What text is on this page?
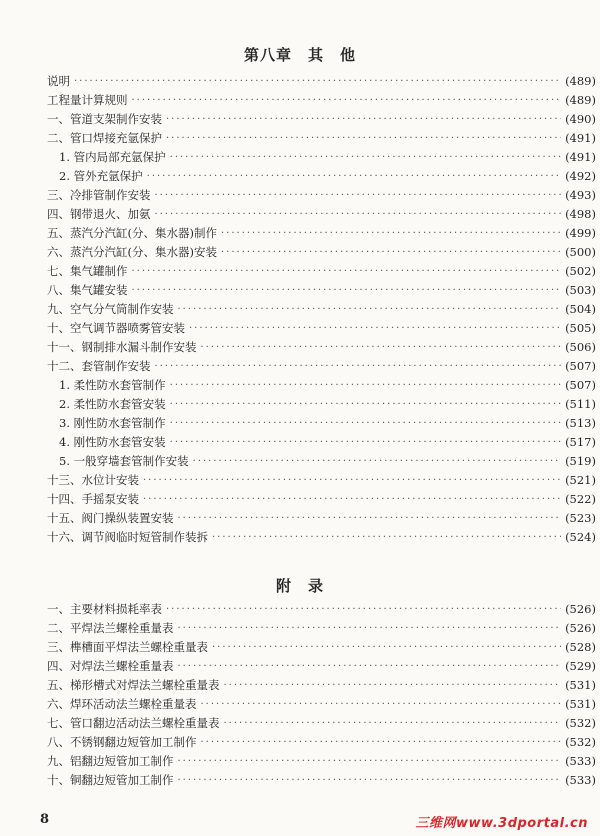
第八章　其　他
说明 ·····	(489)
工程量计算规则 ·····	(489)
一、管道支架制作安装 ·····	(490)
二、管口焊接充氩保护 ·····	(491)
1. 管内局部充氩保护 ·····	(491)
2. 管外充氩保护 ·····	(492)
三、冷排管制作安装 ·····	(493)
四、钢带退火、加氨 ·····	(498)
五、蒸汽分汽缸(分、集水器)制作 ·····	(499)
六、蒸汽分汽缸(分、集水器)安装 ·····	(500)
七、集气罐制作 ·····	(502)
八、集气罐安装 ·····	(503)
九、空气分气筒制作安装 ·····	(504)
十、空气调节器喷雾管安装 ·····	(505)
十一、钢制排水漏斗制作安装 ·····	(506)
十二、套管制作安装 ·····	(507)
1. 柔性防水套管制作 ·····	(507)
2. 柔性防水套管安装 ·····	(511)
3. 刚性防水套管制作 ·····	(513)
4. 刚性防水套管安装 ·····	(517)
5. 一般穿墙套管制作安装 ·····	(519)
十三、水位计安装 ·····	(521)
十四、手摇泵安装 ·····	(522)
十五、阀门操纵装置安装 ·····	(523)
十六、调节阀临时短管制作装拆 ·····	(524)
附　录
一、主要材料损耗率表 ·····	(526)
二、平焊法兰螺栓重量表 ·····	(526)
三、榫槽面平焊法兰螺栓重量表 ·····	(528)
四、对焊法兰螺栓重量表 ·····	(529)
五、梯形槽式对焊法兰螺栓重量表 ·····	(531)
六、焊环活动法兰螺栓重量表 ·····	(531)
七、管口翻边活动法兰螺栓重量表 ·····	(532)
八、不锈钢翻边短管加工制作 ·····	(532)
九、铝翻边短管加工制作 ·····	(533)
十、铜翻边短管加工制作 ·····	(533)
8	三维网www.3dportal.cn
